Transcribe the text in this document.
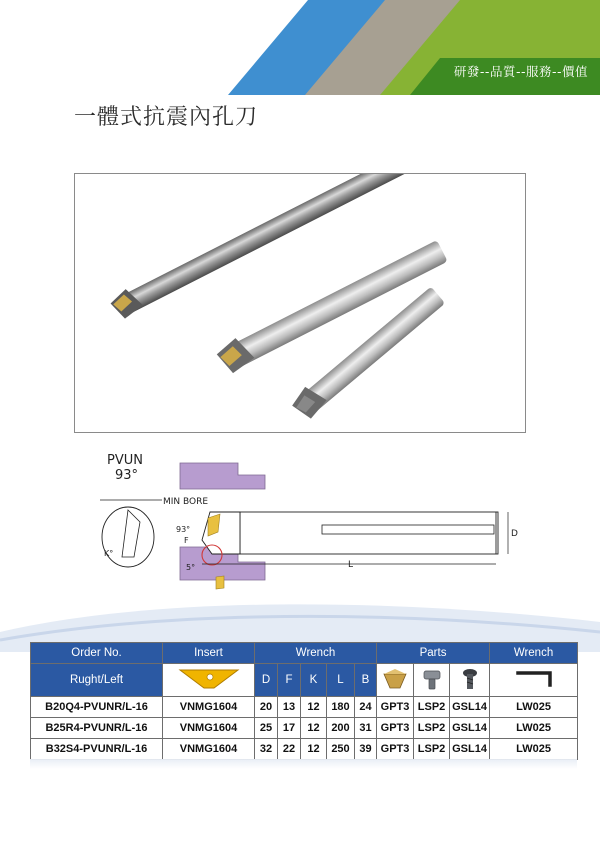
研發--品質--服務--價值
一體式抗震內孔刀
PVUN
93°
MIN BORE
K°
93°
F
5°	L
D
Order No.	Insert	Wrench					Parts			Wrench
Rught/Left		D	F	K	L	B				
B20Q4-PVUNR/L-16	VNMG1604	20	13	12	180	24	GPT3	LSP2	GSL14	LW025
B25R4-PVUNR/L-16	VNMG1604	25	17	12	200	31	GPT3	LSP2	GSL14	LW025
B32S4-PVUNR/L-16	VNMG1604	32	22	12	250	39	GPT3	LSP2	GSL14	LW025
